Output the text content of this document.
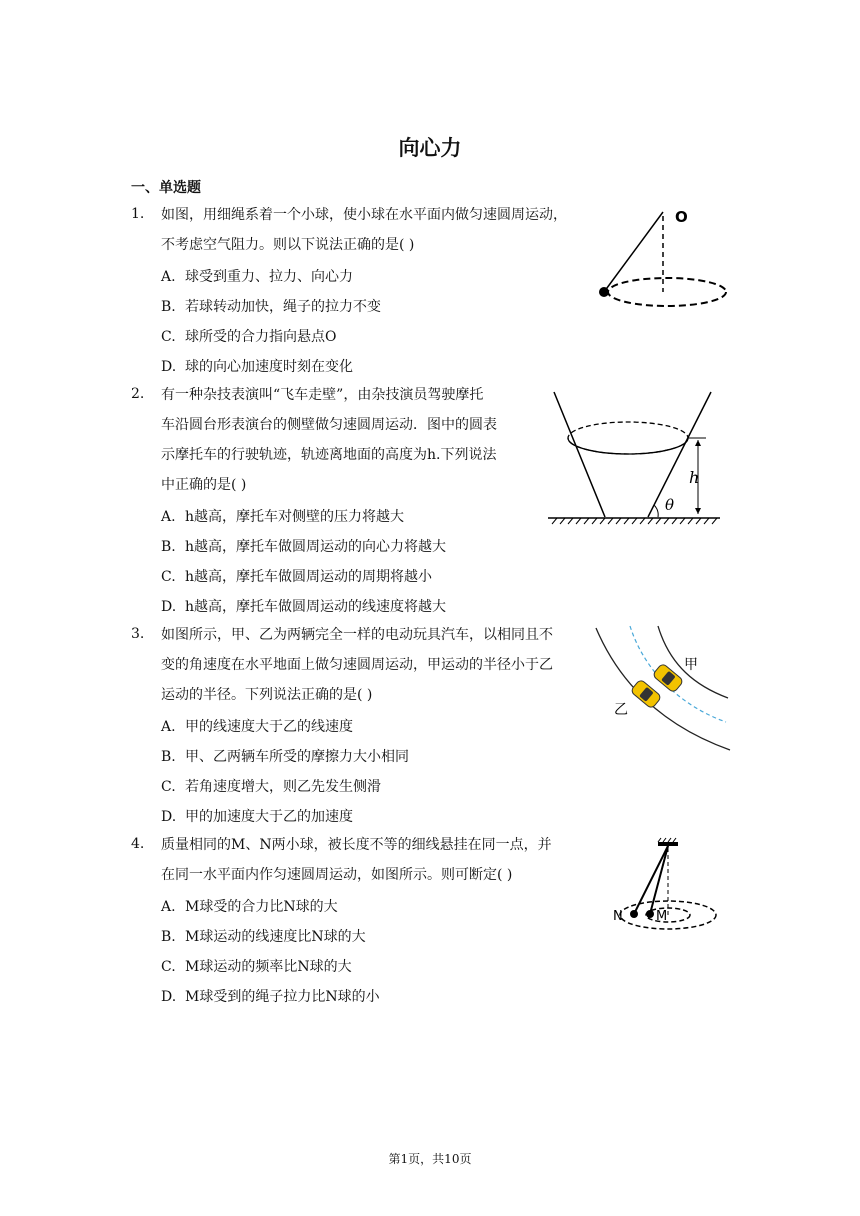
向心力
一、单选题
1. 如图，用细绳系着一个小球，使小球在水平面内做匀速圆周运动，
不考虑空气阻力。则以下说法正确的是( )
A. 球受到重力、拉力、向心力
B. 若球转动加快，绳子的拉力不变
C. 球所受的合力指向悬点O
D. 球的向心加速度时刻在变化
O
2. 有一种杂技表演叫“飞车走壁”，由杂技演员驾驶摩托
车沿圆台形表演台的侧壁做匀速圆周运动．图中的圆表
示摩托车的行驶轨迹，轨迹离地面的高度为h.下列说法
中正确的是( )
A. h越高，摩托车对侧壁的压力将越大
B. h越高，摩托车做圆周运动的向心力将越大
C. h越高，摩托车做圆周运动的周期将越小
D. h越高，摩托车做圆周运动的线速度将越大
h
θ
3. 如图所示，甲、乙为两辆完全一样的电动玩具汽车，以相同且不
变的角速度在水平地面上做匀速圆周运动，甲运动的半径小于乙
运动的半径。下列说法正确的是( )
A. 甲的线速度大于乙的线速度
B. 甲、乙两辆车所受的摩擦力大小相同
C. 若角速度增大，则乙先发生侧滑
D. 甲的加速度大于乙的加速度
甲
乙
4. 质量相同的M、N两小球，被长度不等的细线悬挂在同一点，并
在同一水平面内作匀速圆周运动，如图所示。则可断定( )
A. M球受的合力比N球的大
B. M球运动的线速度比N球的大
C. M球运动的频率比N球的大
D. M球受到的绳子拉力比N球的小
N	M
第1页，共10页
